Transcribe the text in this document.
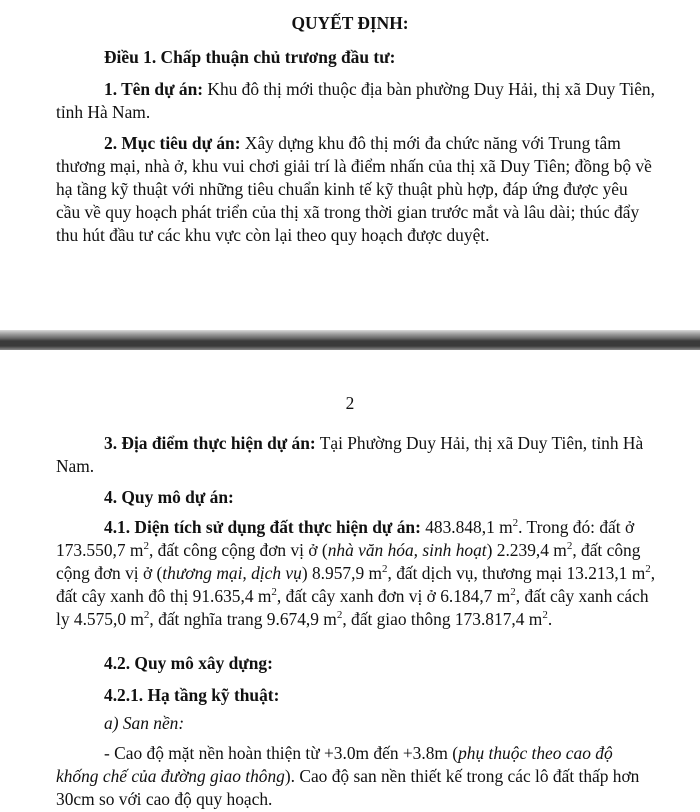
QUYẾT ĐỊNH:

Điều 1. Chấp thuận chủ trương đầu tư:

1. Tên dự án: Khu đô thị mới thuộc địa bàn phường Duy Hải, thị xã Duy Tiên, tỉnh Hà Nam.

2. Mục tiêu dự án: Xây dựng khu đô thị mới đa chức năng với Trung tâm thương mại, nhà ở, khu vui chơi giải trí là điểm nhấn của thị xã Duy Tiên; đồng bộ về hạ tầng kỹ thuật với những tiêu chuẩn kinh tế kỹ thuật phù hợp, đáp ứng được yêu cầu về quy hoạch phát triển của thị xã trong thời gian trước mắt và lâu dài; thúc đẩy thu hút đầu tư các khu vực còn lại theo quy hoạch được duyệt.

2

3. Địa điểm thực hiện dự án: Tại Phường Duy Hải, thị xã Duy Tiên, tỉnh Hà Nam.

4. Quy mô dự án:

4.1. Diện tích sử dụng đất thực hiện dự án: 483.848,1 $m^2$. Trong đó: đất ở 173.550,7 $m^2$, đất công cộng đơn vị ở (nhà văn hóa, sinh hoạt) 2.239,4 $m^2$, đất công cộng đơn vị ở (thương mại, dịch vụ) 8.957,9 $m^2$, đất dịch vụ, thương mại 13.213,1 $m^2$, đất cây xanh đô thị 91.635,4 $m^2$, đất cây xanh đơn vị ở 6.184,7 $m^2$, đất cây xanh cách ly 4.575,0 $m^2$, đất nghĩa trang 9.674,9 $m^2$, đất giao thông 173.817,4 $m^2$.

4.2. Quy mô xây dựng:

4.2.1. Hạ tầng kỹ thuật:

a) San nền:

- Cao độ mặt nền hoàn thiện từ +3.0m đến +3.8m (phụ thuộc theo cao độ khống chế của đường giao thông). Cao độ san nền thiết kế trong các lô đất thấp hơn 30cm so với cao độ quy hoạch.
